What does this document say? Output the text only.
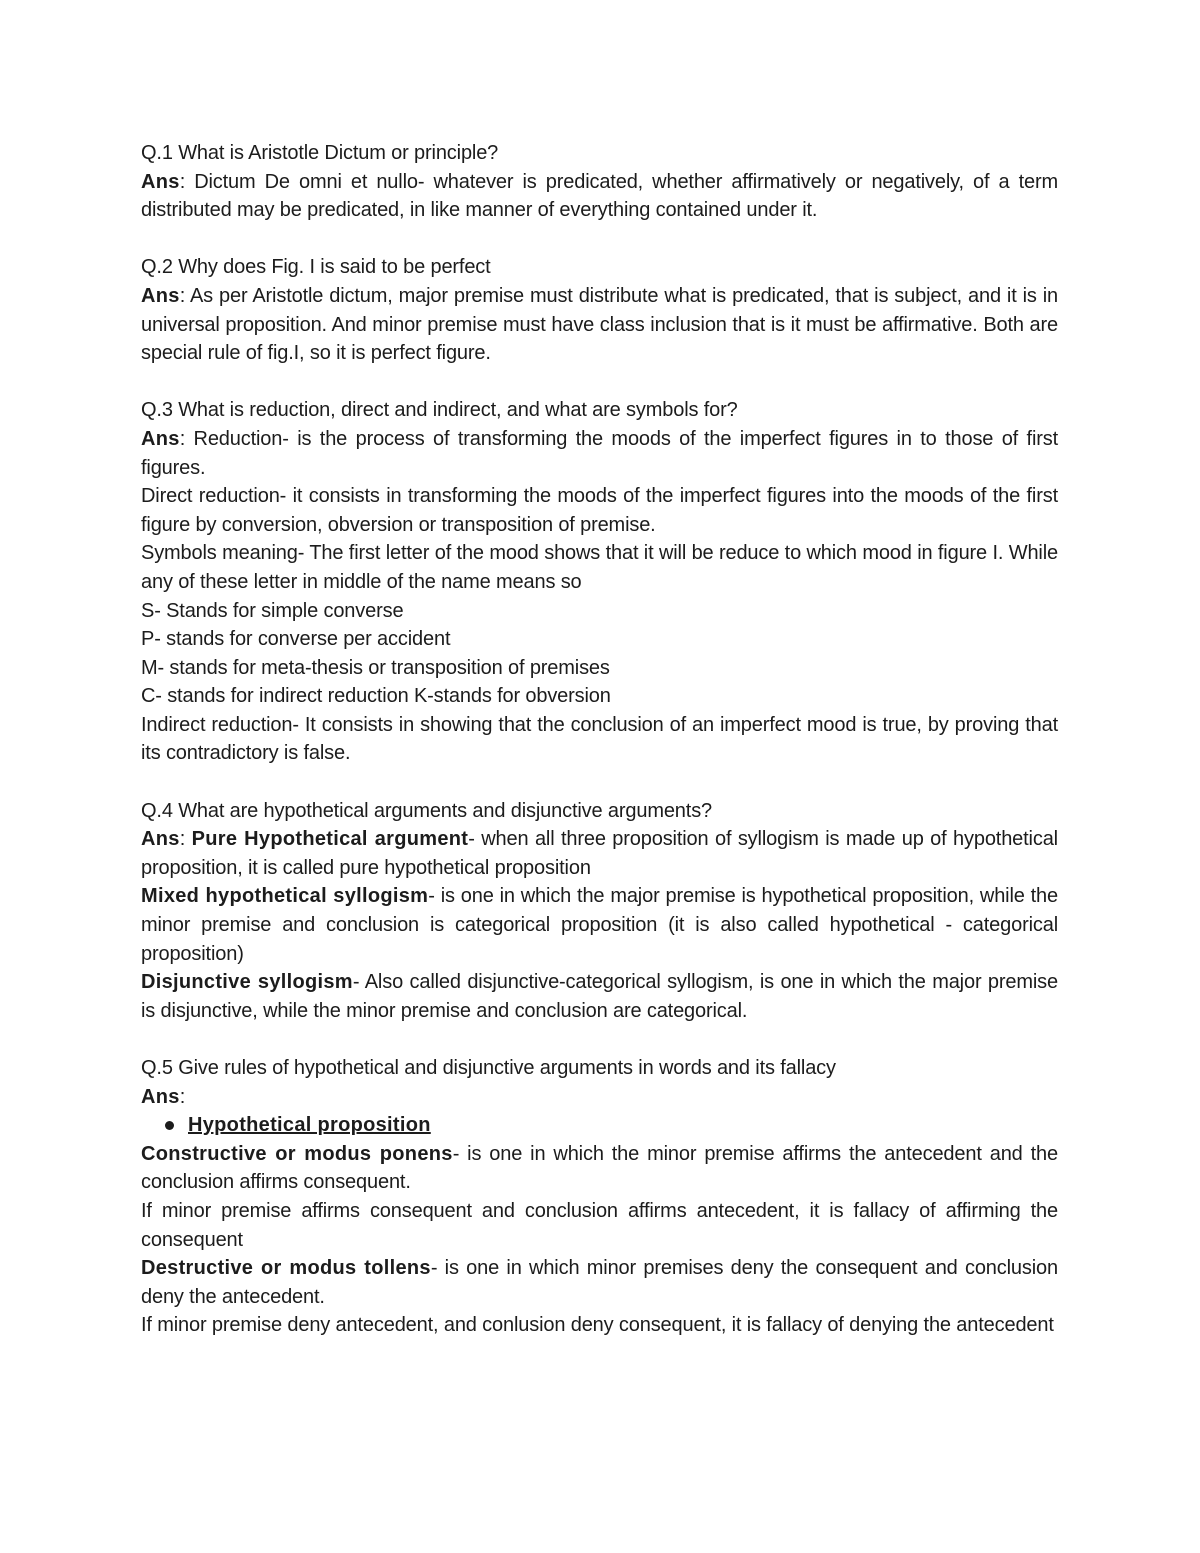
Q.1 What is Aristotle Dictum or principle?

Ans: Dictum De omni et nullo- whatever is predicated, whether affirmatively or negatively, of a term distributed may be predicated, in like manner of everything contained under it.

Q.2 Why does Fig. I is said to be perfect

Ans: As per Aristotle dictum, major premise must distribute what is predicated, that is subject, and it is in universal proposition. And minor premise must have class inclusion that is it must be affirmative. Both are special rule of fig.I, so it is perfect figure.

Q.3 What is reduction, direct and indirect, and what are symbols for?

Ans: Reduction- is the process of transforming the moods of the imperfect figures in to those of first figures.

Direct reduction- it consists in transforming the moods of the imperfect figures into the moods of the first figure by conversion, obversion or transposition of premise.

Symbols meaning- The first letter of the mood shows that it will be reduce to which mood in figure I. While any of these letter in middle of the name means so

S- Stands for simple converse

P- stands for converse per accident

M- stands for meta-thesis or transposition of premises

C- stands for indirect reduction K-stands for obversion

Indirect reduction- It consists in showing that the conclusion of an imperfect mood is true, by proving that its contradictory is false.

Q.4 What are hypothetical arguments and disjunctive arguments?

Ans: Pure Hypothetical argument- when all three proposition of syllogism is made up of hypothetical proposition, it is called pure hypothetical proposition

Mixed hypothetical syllogism- is one in which the major premise is hypothetical proposition, while the minor premise and conclusion is categorical proposition (it is also called hypothetical - categorical proposition)

Disjunctive syllogism- Also called disjunctive-categorical syllogism, is one in which the major premise is disjunctive, while the minor premise and conclusion are categorical.

Q.5 Give rules of hypothetical and disjunctive arguments in words and its fallacy

Ans:

Hypothetical proposition

Constructive or modus ponens- is one in which the minor premise affirms the antecedent and the conclusion affirms consequent.

If minor premise affirms consequent and conclusion affirms antecedent, it is fallacy of affirming the consequent

Destructive or modus tollens- is one in which minor premises deny the consequent and conclusion deny the antecedent.

If minor premise deny antecedent, and conlusion deny consequent, it is fallacy of denying the antecedent
